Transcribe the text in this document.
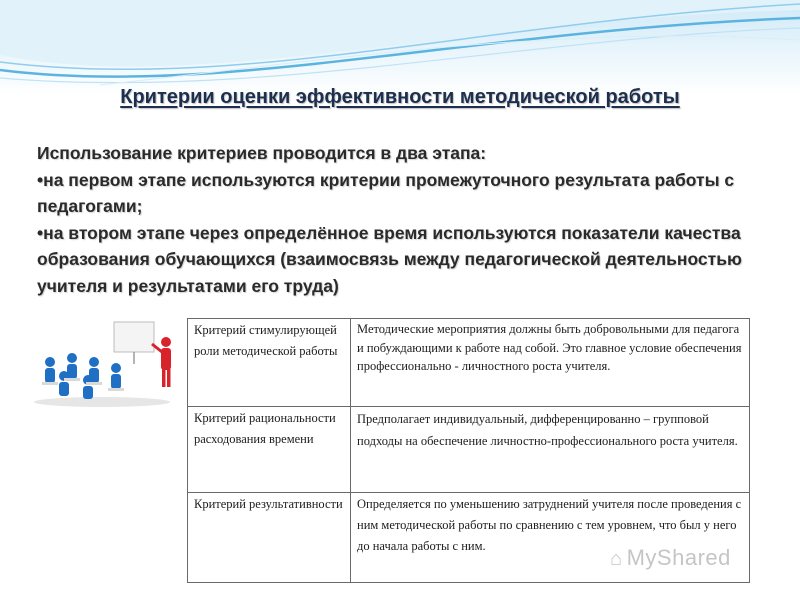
Критерии оценки эффективности методической работы

Использование критериев проводится в два этапа:

•на первом этапе используются критерии промежуточного результата работы с педагогами;

•на втором этапе через определённое время используются показатели качества образования обучающихся (взаимосвязь между педагогической деятельностью учителя и результатами его труда)

Критерий стимулирующей роли методической работы	Методические мероприятия должны быть добровольными для педагога и побуждающими к работе над собой. Это главное условие обеспечения профессионально - личностного роста учителя.
Критерий рациональности расходования времени	Предполагает индивидуальный, дифференцированно – групповой подходы на обеспечение личностно-профессионального роста учителя.
Критерий результативности	Определяется по уменьшению затруднений учителя после проведения с ним методической работы по сравнению с тем уровнем, что был у него до начала работы с ним.
⌂ MyShared
